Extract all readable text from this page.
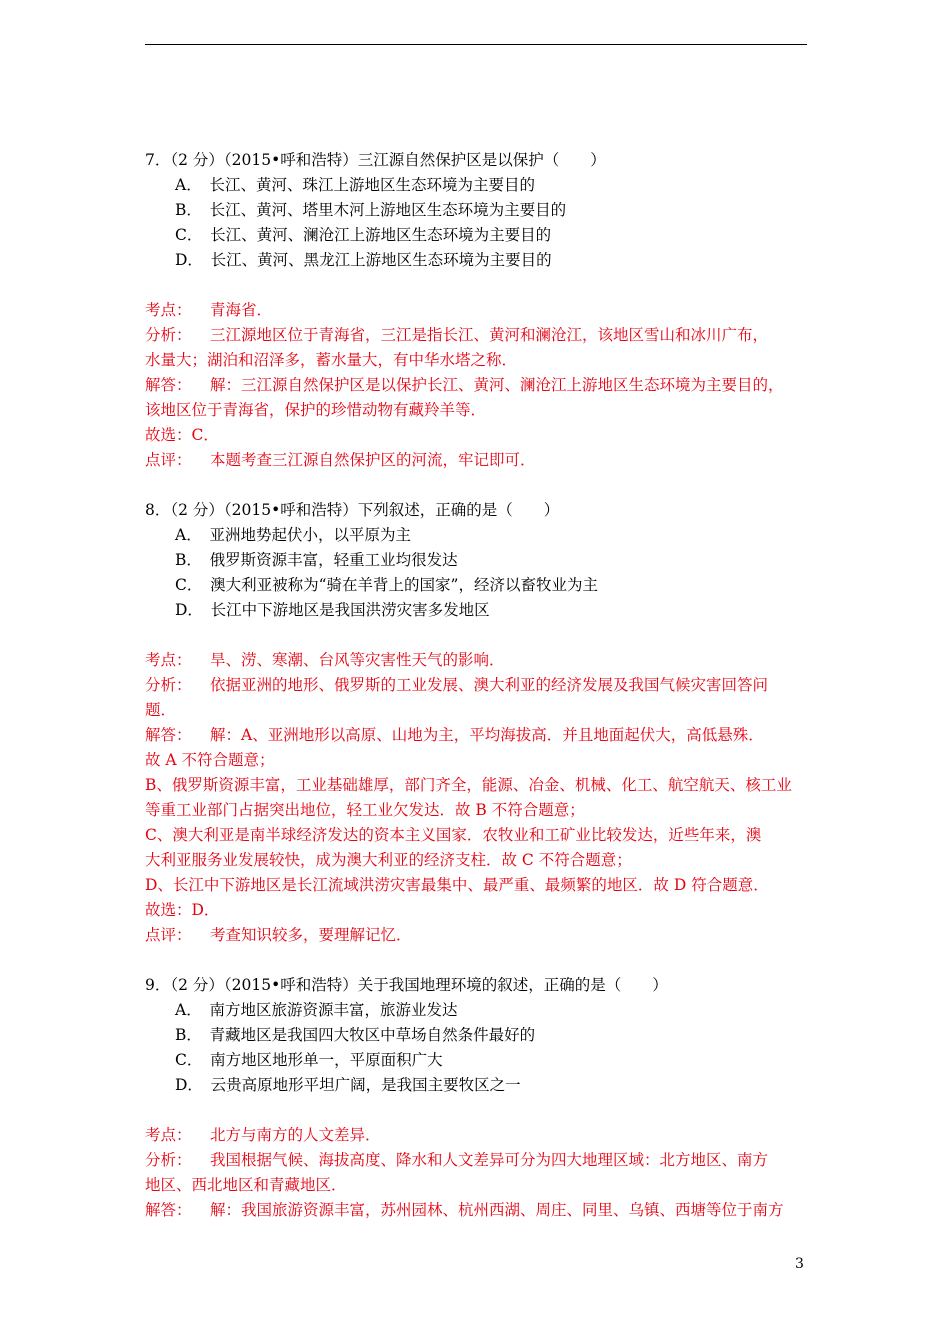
7．（2 分）（2015•呼和浩特）三江源自然保护区是以保护（　　）
A．　长江、黄河、珠江上游地区生态环境为主要目的
B．　长江、黄河、塔里木河上游地区生态环境为主要目的
C．　长江、黄河、澜沧江上游地区生态环境为主要目的
D．　长江、黄河、黑龙江上游地区生态环境为主要目的
考点： 青海省．
分析： 三江源地区位于青海省，三江是指长江、黄河和澜沧江，该地区雪山和冰川广布，
水量大；湖泊和沼泽多，蓄水量大，有中华水塔之称．
解答： 解：三江源自然保护区是以保护长江、黄河、澜沧江上游地区生态环境为主要目的，
该地区位于青海省，保护的珍惜动物有藏羚羊等．
故选：C．
点评： 本题考查三江源自然保护区的河流，牢记即可．
8．（2 分）（2015•呼和浩特）下列叙述，正确的是（　　）
A．　亚洲地势起伏小，以平原为主
B．　俄罗斯资源丰富，轻重工业均很发达
C．　澳大利亚被称为“骑在羊背上的国家”，经济以畜牧业为主
D．　长江中下游地区是我国洪涝灾害多发地区
考点： 旱、涝、寒潮、台风等灾害性天气的影响．
分析： 依据亚洲的地形、俄罗斯的工业发展、澳大利亚的经济发展及我国气候灾害回答问
题．
解答： 解：A、亚洲地形以高原、山地为主，平均海拔高．并且地面起伏大，高低悬殊．
故 A 不符合题意；
B、俄罗斯资源丰富，工业基础雄厚，部门齐全，能源、冶金、机械、化工、航空航天、核工业
等重工业部门占据突出地位，轻工业欠发达．故 B 不符合题意；
C、澳大利亚是南半球经济发达的资本主义国家．农牧业和工矿业比较发达，近些年来，澳
大利亚服务业发展较快，成为澳大利亚的经济支柱．故 C 不符合题意；
D、长江中下游地区是长江流域洪涝灾害最集中、最严重、最频繁的地区．故 D 符合题意．
故选：D．
点评： 考查知识较多，要理解记忆．
9．（2 分）（2015•呼和浩特）关于我国地理环境的叙述，正确的是（　　）
A．　南方地区旅游资源丰富，旅游业发达
B．　青藏地区是我国四大牧区中草场自然条件最好的
C．　南方地区地形单一，平原面积广大
D．　云贵高原地形平坦广阔，是我国主要牧区之一
考点： 北方与南方的人文差异．
分析： 我国根据气候、海拔高度、降水和人文差异可分为四大地理区域：北方地区、南方
地区、西北地区和青藏地区．
解答： 解：我国旅游资源丰富，苏州园林、杭州西湖、周庄、同里、乌镇、西塘等位于南方
3
